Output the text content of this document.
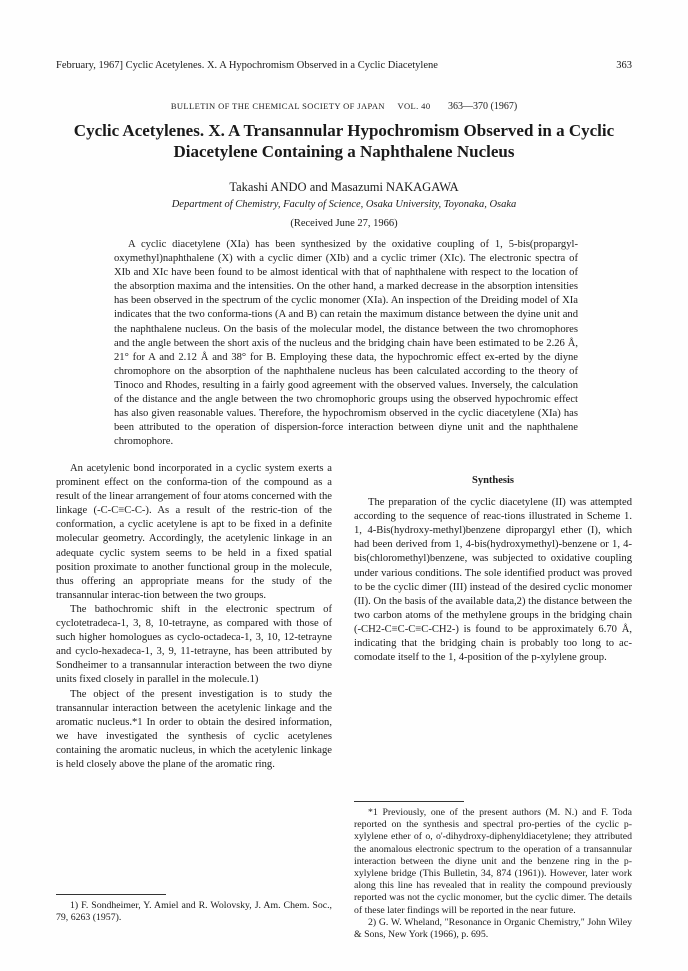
February, 1967] Cyclic Acetylenes. X. A Hypochromism Observed in a Cyclic Diacetylene	363
BULLETIN OF THE CHEMICAL SOCIETY OF JAPAN VOL. 40 363—370 (1967)
Cyclic Acetylenes. X. A Transannular Hypochromism Observed in a Cyclic Diacetylene Containing a Naphthalene Nucleus
Takashi ANDO and Masazumi NAKAGAWA
Department of Chemistry, Faculty of Science, Osaka University, Toyonaka, Osaka
(Received June 27, 1966)

A cyclic diacetylene (XIa) has been synthesized by the oxidative coupling of 1, 5-bis(propargyl-oxymethyl)naphthalene (X) with a cyclic dimer (XIb) and a cyclic trimer (XIc). The electronic spectra of XIb and XIc have been found to be almost identical with that of naphthalene with respect to the location of the absorption maxima and the intensities. On the other hand, a marked decrease in the absorption intensities has been observed in the spectrum of the cyclic monomer (XIa). An inspection of the Dreiding model of XIa indicates that the two conforma-tions (A and B) can retain the maximum distance between the dyine unit and the naphthalene nucleus. On the basis of the molecular model, the distance between the two chromophores and the angle between the short axis of the nucleus and the bridging chain have been estimated to be 2.26 Å, 21° for A and 2.12 Å and 38° for B. Employing these data, the hypochromic effect ex-erted by the diyne chromophore on the absorption of the naphthalene nucleus has been calculated according to the theory of Tinoco and Rhodes, resulting in a fairly good agreement with the observed values. Inversely, the calculation of the distance and the angle between the two chromophoric groups using the observed hypochromic effect has also given reasonable values. Therefore, the hypochromism observed in the cyclic diacetylene (XIa) has been attributed to the operation of dispersion-force interaction between diyne unit and the naphthalene chromophore.

An acetylenic bond incorporated in a cyclic system exerts a prominent effect on the conforma-tion of the compound as a result of the linear arrangement of four atoms concerned with the linkage (-C-C≡C-C-). As a result of the restric-tion of the conformation, a cyclic acetylene is apt to be fixed in a definite molecular geometry. Accordingly, the acetylenic linkage in an adequate cyclic system seems to be held in a fixed spatial position proximate to another functional group in the molecule, thus offering an appropriate means for the study of the transannular interac-tion between the two groups.

The bathochromic shift in the electronic spectrum of cyclotetradeca-1, 3, 8, 10-tetrayne, as compared with those of such higher homologues as cyclo-octadeca-1, 3, 10, 12-tetrayne and cyclo-hexadeca-1, 3, 9, 11-tetrayne, has been attributed by Sondheimer to a transannular interaction between the two diyne units fixed closely in parallel in the molecule.1)

The object of the present investigation is to study the transannular interaction between the acetylenic linkage and the aromatic nucleus.*1 In order to obtain the desired information, we have investigated the synthesis of cyclic acetylenes containing the aromatic nucleus, in which the acetylenic linkage is held closely above the plane of the aromatic ring.

1) F. Sondheimer, Y. Amiel and R. Wolovsky, J. Am. Chem. Soc., 79, 6263 (1957).

Synthesis

The preparation of the cyclic diacetylene (II) was attempted according to the sequence of reac-tions illustrated in Scheme 1. 1, 4-Bis(hydroxy-methyl)benzene dipropargyl ether (I), which had been derived from 1, 4-bis(hydroxymethyl)-benzene or 1, 4-bis(chloromethyl)benzene, was subjected to oxidative coupling under various conditions. The sole identified product was proved to be the cyclic dimer (III) instead of the desired cyclic monomer (II). On the basis of the available data,2) the distance between the two carbon atoms of the methylene groups in the bridging chain (-CH2-C≡C-C≡C-CH2-) is found to be approximately 6.70 Å, indicating that the bridging chain is probably too long to ac-comodate itself to the 1, 4-position of the p-xylylene group.

*1 Previously, one of the present authors (M. N.) and F. Toda reported on the synthesis and spectral pro-perties of the cyclic p-xylylene ether of o, o'-dihydroxy-diphenyldiacetylene; they attributed the anomalous electronic spectrum to the operation of a transannular interaction between the diyne unit and the benzene ring in the p-xylylene bridge (This Bulletin, 34, 874 (1961)). However, later work along this line has revealed that in reality the compound previously reported was not the cyclic monomer, but the cyclic dimer. The details of these later findings will be reported in the near future.

2) G. W. Wheland, "Resonance in Organic Chemistry," John Wiley & Sons, New York (1966), p. 695.
